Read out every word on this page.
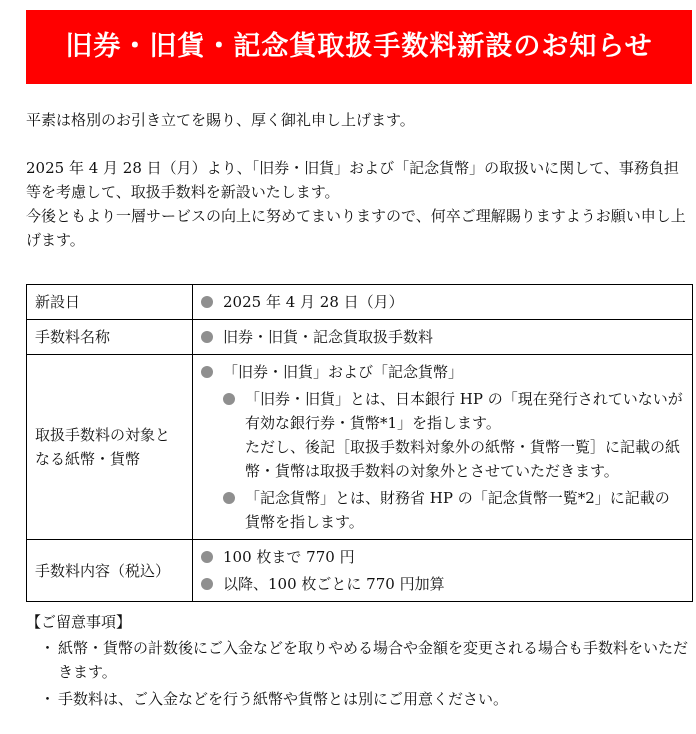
旧券・旧貨・記念貨取扱手数料新設のお知らせ

平素は格別のお引き立てを賜り、厚く御礼申し上げます。

2025 年 4 月 28 日（月）より、「旧券・旧貨」および「記念貨幣」の取扱いに関して、事務負担等を考慮して、取扱手数料を新設いたします。

今後ともより一層サービスの向上に努めてまいりますので、何卒ご理解賜りますようお願い申し上げます。

新設日	2025 年 4 月 28 日（月）

手数料名称	旧券・旧貨・記念貨取扱手数料

取扱手数料の対象となる紙幣・貨幣	「旧券・旧貨」および「記念貨幣」
「旧券・旧貨」とは、日本銀行 HP の「現在発行されていないが有効な銀行券・貨幣*1」を指します。
ただし、後記［取扱手数料対象外の紙幣・貨幣一覧］に記載の紙幣・貨幣は取扱手数料の対象外とさせていただきます。
「記念貨幣」とは、財務省 HP の「記念貨幣一覧*2」に記載の貨幣を指します。

手数料内容（税込）	100 枚まで 770 円
以降、100 枚ごとに 770 円加算

【ご留意事項】

・ 紙幣・貨幣の計数後にご入金などを取りやめる場合や金額を変更される場合も手数料をいただきます。
・ 手数料は、ご入金などを行う紙幣や貨幣とは別にご用意ください。
